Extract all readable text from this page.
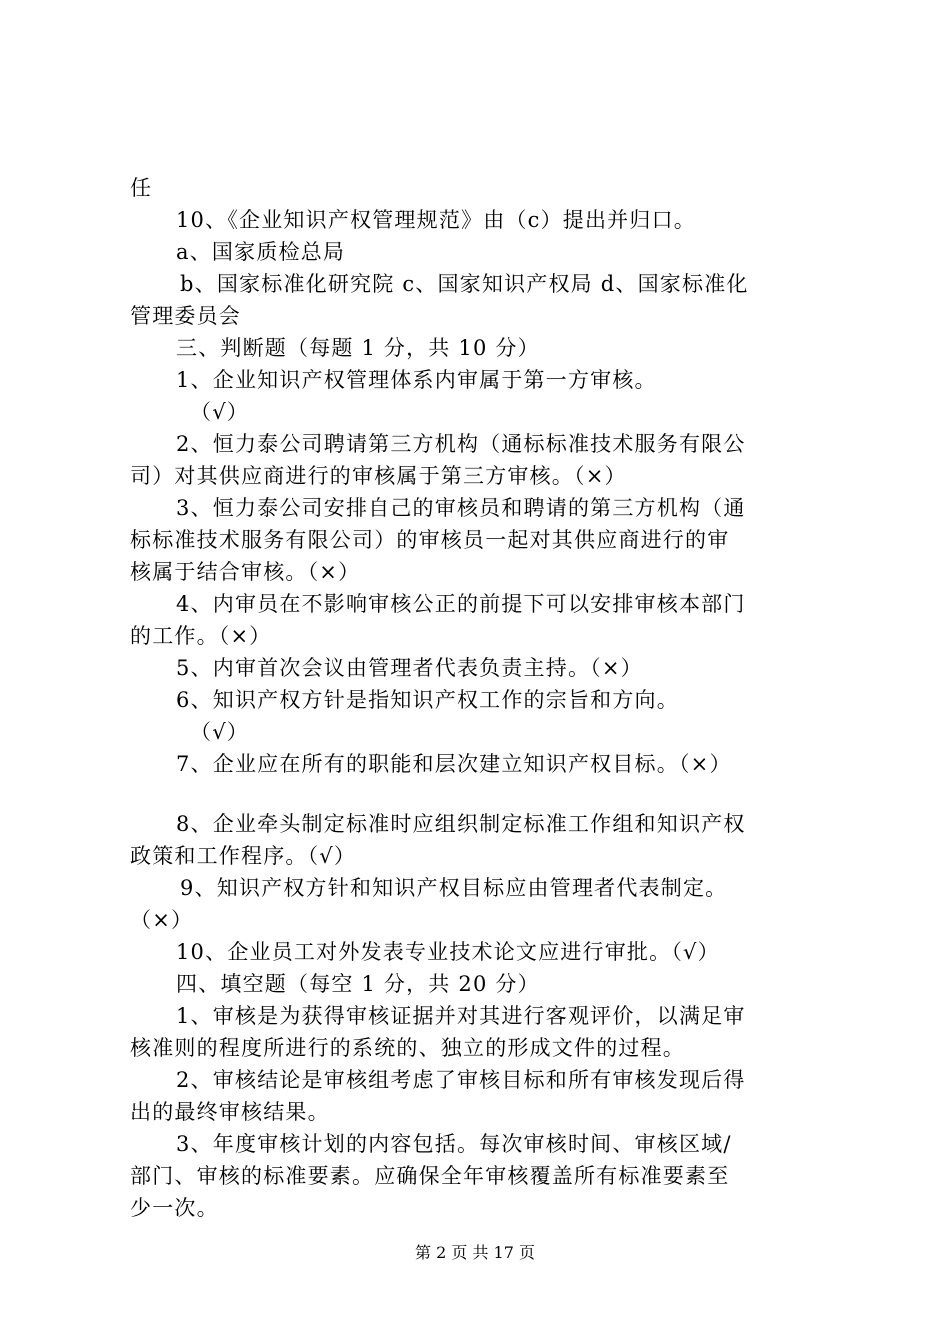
任
10、《企业知识产权管理规范》由（c）提出并归口。
a、国家质检总局
b、国家标准化研究院 c、国家知识产权局 d、国家标准化
管理委员会
三、判断题（每题 1 分，共 10 分）
1、企业知识产权管理体系内审属于第一方审核。
（√）
2、恒力泰公司聘请第三方机构（通标标准技术服务有限公
司）对其供应商进行的审核属于第三方审核。（×）
3、恒力泰公司安排自己的审核员和聘请的第三方机构（通
标标准技术服务有限公司）的审核员一起对其供应商进行的审
核属于结合审核。（×）
4、内审员在不影响审核公正的前提下可以安排审核本部门
的工作。（×）
5、内审首次会议由管理者代表负责主持。（×）
6、知识产权方针是指知识产权工作的宗旨和方向。
（√）
7、企业应在所有的职能和层次建立知识产权目标。（×）
8、企业牵头制定标准时应组织制定标准工作组和知识产权
政策和工作程序。（√）
9、知识产权方针和知识产权目标应由管理者代表制定。
（×）
10、企业员工对外发表专业技术论文应进行审批。（√）
四、填空题（每空 1 分，共 20 分）
1、审核是为获得审核证据并对其进行客观评价，以满足审
核准则的程度所进行的系统的、独立的形成文件的过程。
2、审核结论是审核组考虑了审核目标和所有审核发现后得
出的最终审核结果。
3、年度审核计划的内容包括。每次审核时间、审核区域/
部门、审核的标准要素。应确保全年审核覆盖所有标准要素至
少一次。
第 2 页 共 17 页
